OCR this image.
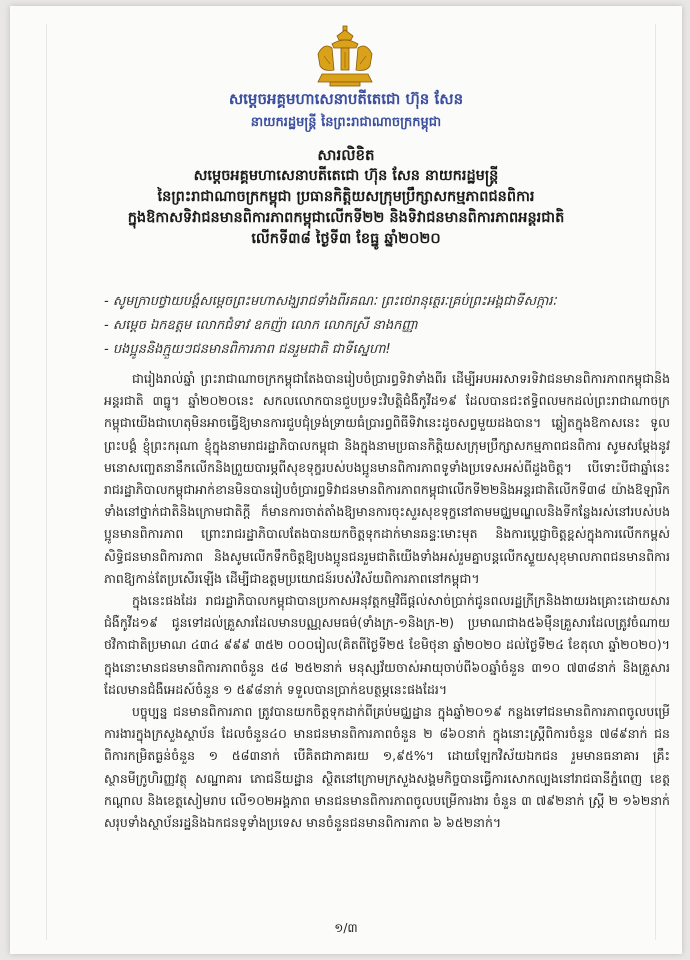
សម្តេចអគ្គមហាសេនាបតីតេជោ ហ៊ុន សែន
នាយករដ្ឋមន្ត្រី នៃព្រះរាជាណាចក្រកម្ពុជា
សារលិខិត
សម្តេចអគ្គមហាសេនាបតីតេជោ ហ៊ុន សែន នាយករដ្ឋមន្ត្រី
នៃព្រះរាជាណាចក្រកម្ពុជា ប្រធានកិត្តិយសក្រុមប្រឹក្សាសកម្មភាពជនពិការ
ក្នុងឱកាសទិវាជនមានពិការភាពកម្ពុជាលើកទី២២ និងទិវាជនមានពិការភាពអន្តរជាតិ
លើកទី៣៨ ថ្ងៃទី៣ ខែធ្នូ ឆ្នាំ២០២០
- សូមក្រាបថ្វាយបង្គំសម្តេចព្រះមហាសង្ឃរាជទាំងពីរគណៈ ព្រះថេរានុត្ថេរៈគ្រប់ព្រះអង្គជាទីសក្ការៈ
- សម្តេច ឯកឧត្តម លោកជំទាវ ឧកញ៉ា លោក លោកស្រី នាងកញ្ញា
- បងប្អូននិងក្មួយៗជនមានពិការភាព ជនរួមជាតិ ជាទីស្នេហា!

ជារៀងរាល់ឆ្នាំ ព្រះរាជាណាចក្រកម្ពុជាតែងបានរៀបចំប្រារព្ធទិវាទាំងពីរ ដើម្បីអបអរសាទរទិវាជនមានពិការភាពកម្ពុជានិងអន្តរជាតិ ៣ធ្នូ។ ឆ្នាំ២០២០នេះ សកលលោកបានជួបប្រទះវិបត្តិជំងឺកូវីដ១៩ ដែលបានជះឥទ្ធិពលមកដល់ព្រះរាជាណាចក្រកម្ពុជាយើងជាហេតុមិនអាចធ្វើឱ្យមានការជួបជុំទ្រង់ទ្រាយធំប្រារព្ធពិធីទិវានេះដូចសព្វមួយដងបាន។ ឆ្លៀតក្នុងឱកាសនេះ ទូលព្រះបង្គំ ខ្ញុំព្រះករុណា ខ្ញុំក្នុងនាមរាជរដ្ឋាភិបាលកម្ពុជា និងក្នុងនាមប្រធានកិត្តិយសក្រុមប្រឹក្សាសកម្មភាពជនពិការ សូមសម្តែងនូវមនោសញ្ចេតនានឹកលើកនិងព្រួយបារម្ភពីសុខទុក្ខរបស់បងប្អូនមានពិការភាពទូទាំងប្រទេសអស់ពីដួងចិត្ត។ បើទោះបីជាឆ្នាំនេះ រាជរដ្ឋាភិបាលកម្ពុជាអាក់ខានមិនបានរៀបចំប្រារព្ធទិវាជនមានពិការភាពកម្ពុជាលើកទី២២និងអន្តរជាតិលើកទី៣៨ យ៉ាងឱឡារិកទាំងនៅថ្នាក់ជាតិនិងក្រោមជាតិក្តី ក៏មានការចាត់តាំងឱ្យមានការចុះសួរសុខទុក្ខនៅតាមមជ្ឈមណ្ឌលនិងទីកន្លែងរស់នៅរបស់បងប្អូនមានពិការភាព ព្រោះរាជរដ្ឋាភិបាលតែងបានយកចិត្តទុកដាក់មានឆន្ទៈមោះមុត និងការប្តេជ្ញាចិត្តខ្ពស់ក្នុងការលើកកម្ពស់សិទ្ធិជនមានពិការភាព និងសូមលើកទឹកចិត្តឱ្យបងប្អូនជនរួមជាតិយើងទាំងអស់រួមគ្នាបន្តលើកស្ទួយសុខុមាលភាពជនមានពិការភាពឱ្យកាន់តែប្រសើរឡើង ដើម្បីជាឧត្តមប្រយោជន៍របស់វិស័យពិការភាពនៅកម្ពុជា។

ក្នុងនេះផងដែរ រាជរដ្ឋាភិបាលកម្ពុជាបានប្រកាសអនុវត្តកម្មវិធីផ្តល់សាច់ប្រាក់ជូនពលរដ្ឋក្រីក្រនិងងាយរងគ្រោះដោយសារជំងឺកូវីដ១៩ ជូនទៅដល់គ្រួសារដែលមានបណ្ណសមធម៌(ទាំងក្រ-១និងក្រ-២) ប្រមាណជាង៥៦ម៉ឺនគ្រួសារដែលត្រូវចំណាយថវិកាជាតិប្រមាណ ៤៣៤ ៩៩៩ ៣៥២ ០០០រៀល(គិតពីថ្ងៃទី២៥ ខែមិថុនា ឆ្នាំ២០២០ ដល់ថ្ងៃទី២៤ ខែតុលា ឆ្នាំ២០២០)។ ក្នុងនោះមានជនមានពិការភាពចំនួន ៥៨ ២៥២នាក់ មនុស្សវ័យចាស់អាយុចាប់ពី៦០ឆ្នាំចំនួន ៣១០ ៧៣៨នាក់ និងគ្រួសារដែលមានជំងឺអេដស៍ចំនួន ១ ៥៩៨នាក់ ទទួលបានប្រាក់ឧបត្ថម្ភនេះផងដែរ។

បច្ចុប្បន្ន ជនមានពិការភាព ត្រូវបានយកចិត្តទុកដាក់ពីគ្រប់មជ្ឈដ្ឋាន ក្នុងឆ្នាំ២០១៩ កន្លងទៅជនមានពិការភាពចូលបម្រើការងារក្នុងក្រសួងស្ថាប័ន ដែលចំនួន៤០ មានជនមានពិការភាពចំនួន ២ ៨៦០នាក់ ក្នុងនោះស្ត្រីពិការចំនួន ៧៨៩នាក់ ជនពិការកម្រិតធ្ងន់ចំនួន ១ ៥៨៣នាក់ បើគិតជាភាគរយ ១,៩៥%។ ដោយឡែកវិស័យឯកជន រួមមានធនាគារ គ្រឹះស្ថានមីក្រូហិរញ្ញវត្ថុ សណ្ឋាគារ ភោជនីយដ្ឋាន ស្ថិតនៅក្រោមក្រសួងសង្គមកិច្ចបានធ្វើការសោកល្បងនៅរាជធានីភ្នំពេញ ខេត្តកណ្តាល និងខេត្តសៀមរាប លើ១០២អង្គភាព មានជនមានពិការភាពចូលបម្រើការងារ ចំនួន ៣ ៧៩២នាក់ ស្ត្រី ២ ១៦២នាក់ សរុបទាំងស្ថាប័នរដ្ឋនិងឯកជនទូទាំងប្រទេស មានចំនួនជនមានពិការភាព ៦ ៦៥២នាក់។

១/៣
